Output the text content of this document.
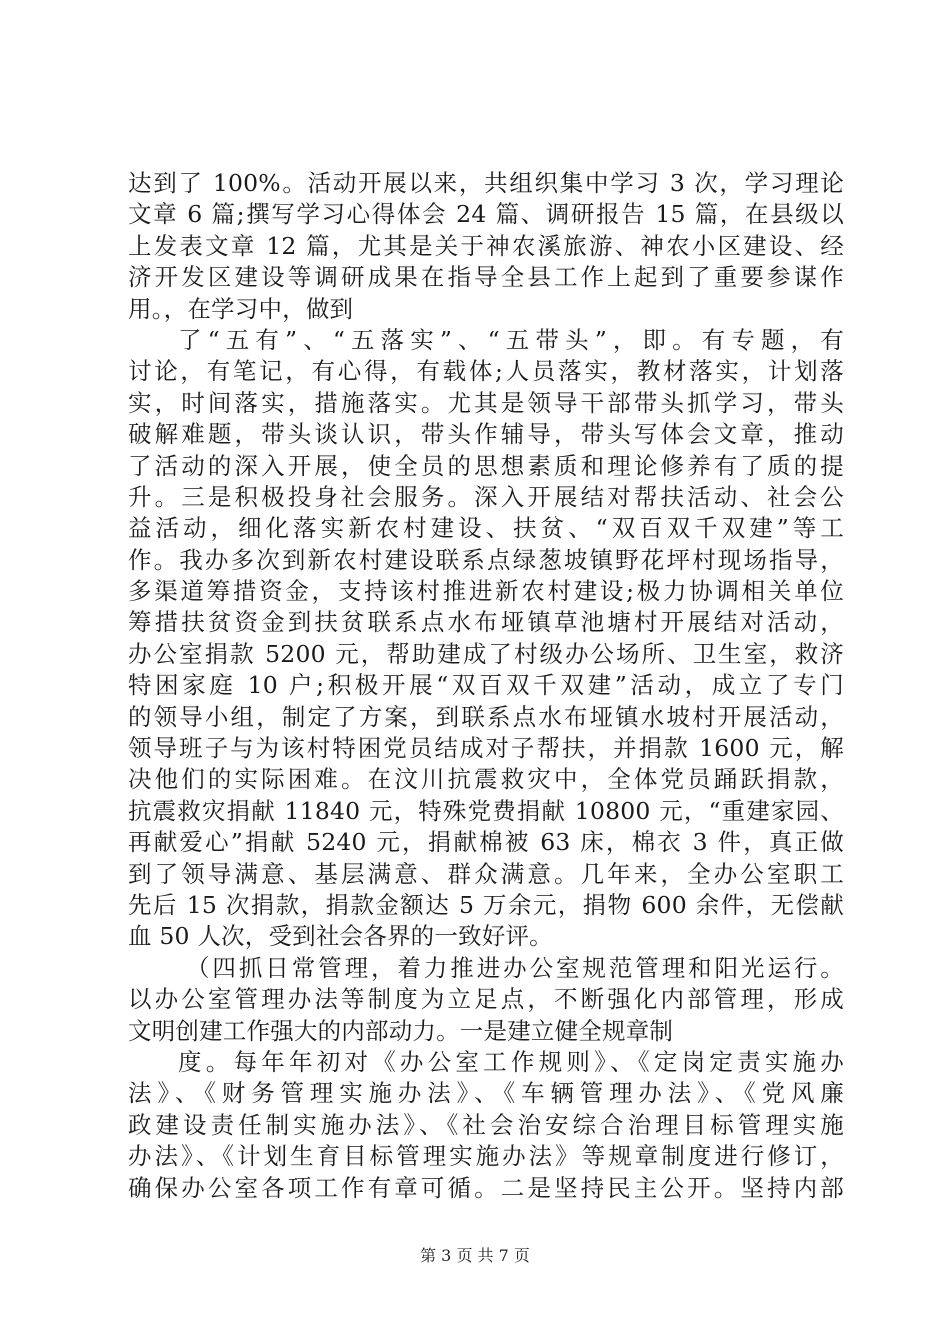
达到了 100%。活动开展以来，共组织集中学习 3 次，学习理论
文章 6 篇;撰写学习心得体会 24 篇、调研报告 15 篇，在县级以
上发表文章 12 篇，尤其是关于神农溪旅游、神农小区建设、经
济开发区建设等调研成果在指导全县工作上起到了重要参谋作
用。，在学习中，做到
了“五有”、“五落实”、“五带头”，即。有专题，有
讨论，有笔记，有心得，有载体;人员落实，教材落实，计划落
实，时间落实，措施落实。尤其是领导干部带头抓学习，带头
破解难题，带头谈认识，带头作辅导，带头写体会文章，推动
了活动的深入开展，使全员的思想素质和理论修养有了质的提
升。三是积极投身社会服务。深入开展结对帮扶活动、社会公
益活动，细化落实新农村建设、扶贫、“双百双千双建”等工
作。我办多次到新农村建设联系点绿葱坡镇野花坪村现场指导，
多渠道筹措资金，支持该村推进新农村建设;极力协调相关单位
筹措扶贫资金到扶贫联系点水布垭镇草池塘村开展结对活动，
办公室捐款 5200 元，帮助建成了村级办公场所、卫生室，救济
特困家庭 10 户;积极开展“双百双千双建”活动，成立了专门
的领导小组，制定了方案，到联系点水布垭镇水坡村开展活动，
领导班子与为该村特困党员结成对子帮扶，并捐款 1600 元，解
决他们的实际困难。在汶川抗震救灾中，全体党员踊跃捐款，
抗震救灾捐献 11840 元，特殊党费捐献 10800 元，“重建家园、
再献爱心”捐献 5240 元，捐献棉被 63 床，棉衣 3 件，真正做
到了领导满意、基层满意、群众满意。几年来，全办公室职工
先后 15 次捐款，捐款金额达 5 万余元，捐物 600 余件，无偿献
血 50 人次，受到社会各界的一致好评。
（四抓日常管理，着力推进办公室规范管理和阳光运行。
以办公室管理办法等制度为立足点，不断强化内部管理，形成
文明创建工作强大的内部动力。一是建立健全规章制
度。每年年初对《办公室工作规则》、《定岗定责实施办
法》、《财务管理实施办法》、《车辆管理办法》、《党风廉
政建设责任制实施办法》、《社会治安综合治理目标管理实施
办法》、《计划生育目标管理实施办法》等规章制度进行修订，
确保办公室各项工作有章可循。二是坚持民主公开。坚持内部
第 3 页 共 7 页
